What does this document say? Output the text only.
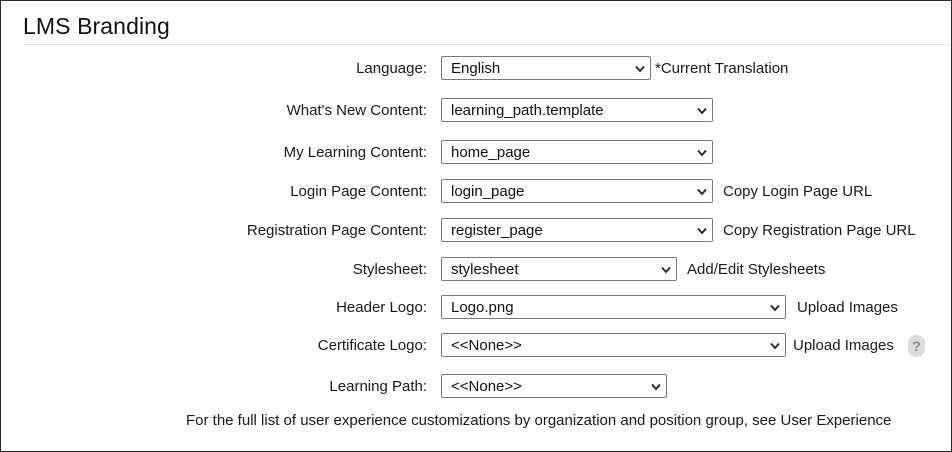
LMS Branding
Language: English	*Current Translation
What's New Content: learning_path.template
My Learning Content: home_page
Login Page Content: login_page	Copy Login Page URL
Registration Page Content: register_page	Copy Registration Page URL
Stylesheet: stylesheet	Add/Edit Stylesheets
Header Logo: Logo.png	Upload Images
Certificate Logo: <<None>>	Upload Images	?
Learning Path: <<None>>
For the full list of user experience customizations by organization and position group, see User Experience
